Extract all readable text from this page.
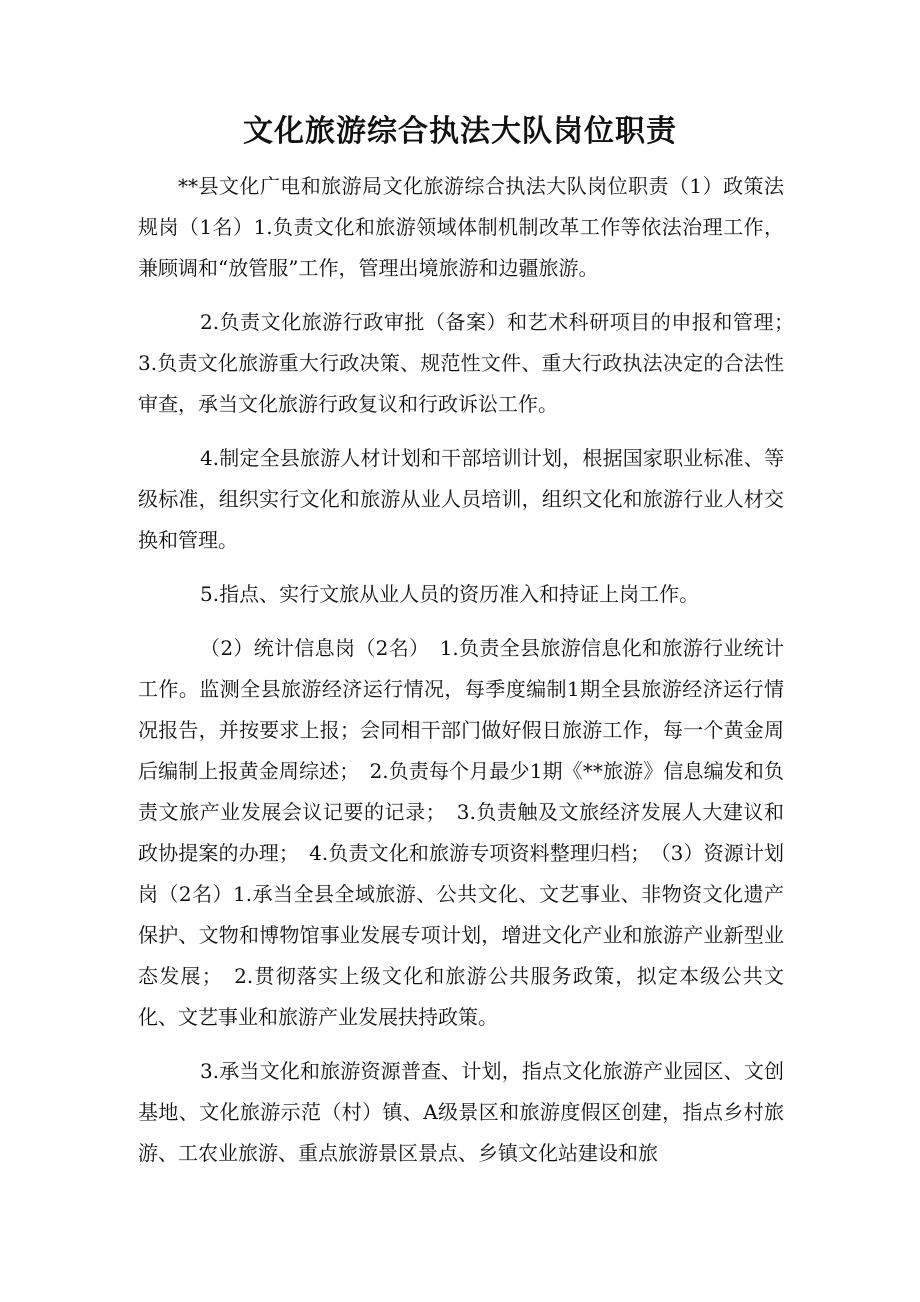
文化旅游综合执法大队岗位职责

**县文化广电和旅游局文化旅游综合执法大队岗位职责（1）政策法规岗（1名）1.负责文化和旅游领域体制机制改革工作等依法治理工作，兼顾调和“放管服”工作，管理出境旅游和边疆旅游。

2.负责文化旅游行政审批（备案）和艺术科研项目的申报和管理；　3.负责文化旅游重大行政决策、规范性文件、重大行政执法决定的合法性审查，承当文化旅游行政复议和行政诉讼工作。

4.制定全县旅游人材计划和干部培训计划，根据国家职业标准、等级标准，组织实行文化和旅游从业人员培训，组织文化和旅游行业人材交换和管理。

5.指点、实行文旅从业人员的资历准入和持证上岗工作。

（2）统计信息岗（2名）　1.负责全县旅游信息化和旅游行业统计工作。监测全县旅游经济运行情况，每季度编制1期全县旅游经济运行情况报告，并按要求上报；会同相干部门做好假日旅游工作，每一个黄金周后编制上报黄金周综述；　2.负责每个月最少1期《**旅游》信息编发和负责文旅产业发展会议记要的记录；　3.负责触及文旅经济发展人大建议和政协提案的办理；　4.负责文化和旅游专项资料整理归档；　（3）资源计划岗（2名）1.承当全县全域旅游、公共文化、文艺事业、非物资文化遗产保护、文物和博物馆事业发展专项计划，增进文化产业和旅游产业新型业态发展；　2.贯彻落实上级文化和旅游公共服务政策，拟定本级公共文化、文艺事业和旅游产业发展扶持政策。

3.承当文化和旅游资源普查、计划，指点文化旅游产业园区、文创基地、文化旅游示范（村）镇、A级景区和旅游度假区创建，指点乡村旅游、工农业旅游、重点旅游景区景点、乡镇文化站建设和旅
